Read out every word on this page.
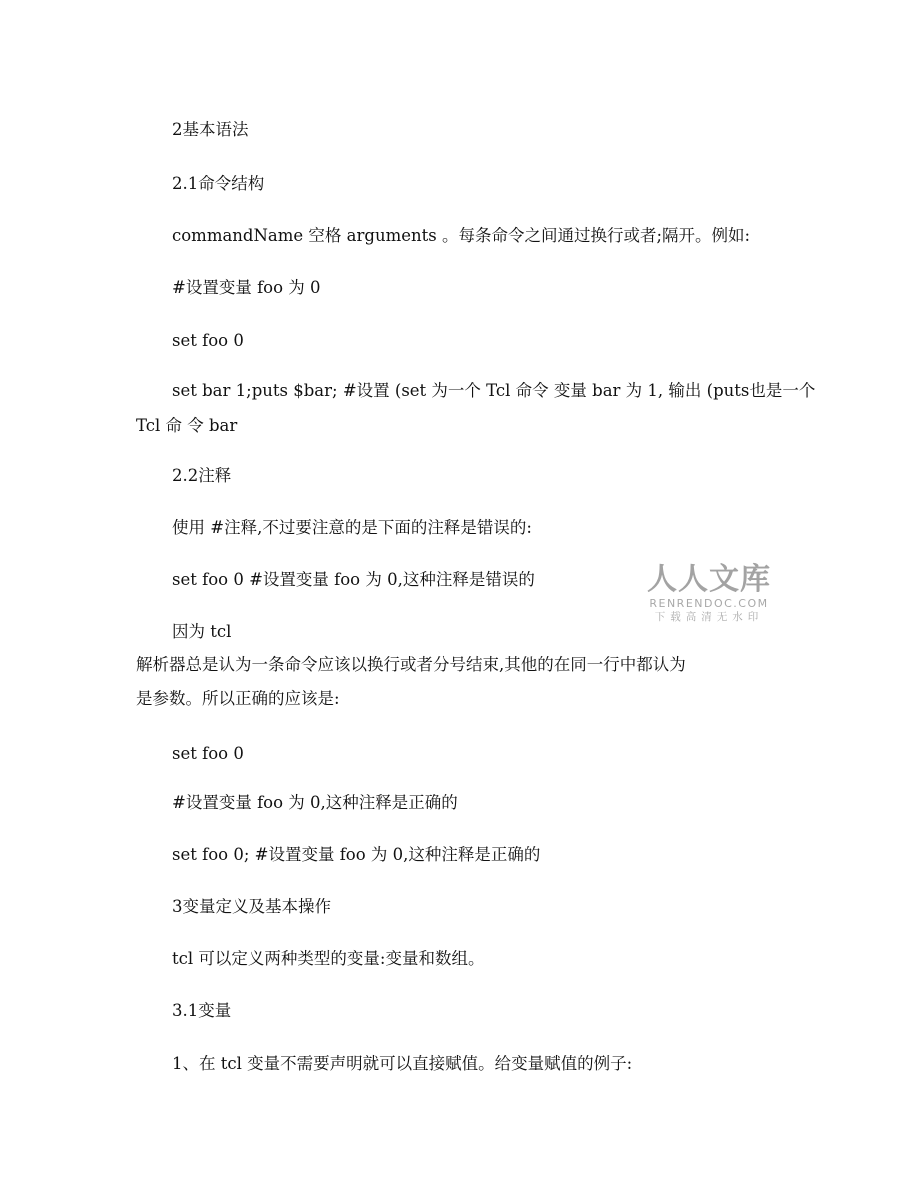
2基本语法

2.1命令结构

commandName 空格 arguments 。每条命令之间通过换行或者;隔开。例如:

#设置变量 foo 为 0

set foo 0

set bar 1;puts $bar; #设置 (set 为一个 Tcl 命令 变量 bar 为 1, 输出 (puts也是一个

Tcl 命 令 bar

2.2注释

使用 #注释,不过要注意的是下面的注释是错误的:

set foo 0 #设置变量 foo 为 0,这种注释是错误的

因为 tcl

解析器总是认为一条命令应该以换行或者分号结束,其他的在同一行中都认为

是参数。所以正确的应该是:

set foo 0

#设置变量 foo 为 0,这种注释是正确的

set foo 0; #设置变量 foo 为 0,这种注释是正确的

3变量定义及基本操作

tcl 可以定义两种类型的变量:变量和数组。

3.1变量

1、在 tcl 变量不需要声明就可以直接赋值。给变量赋值的例子:

人人文库
RENRENDOC.COM
下载高清无水印
